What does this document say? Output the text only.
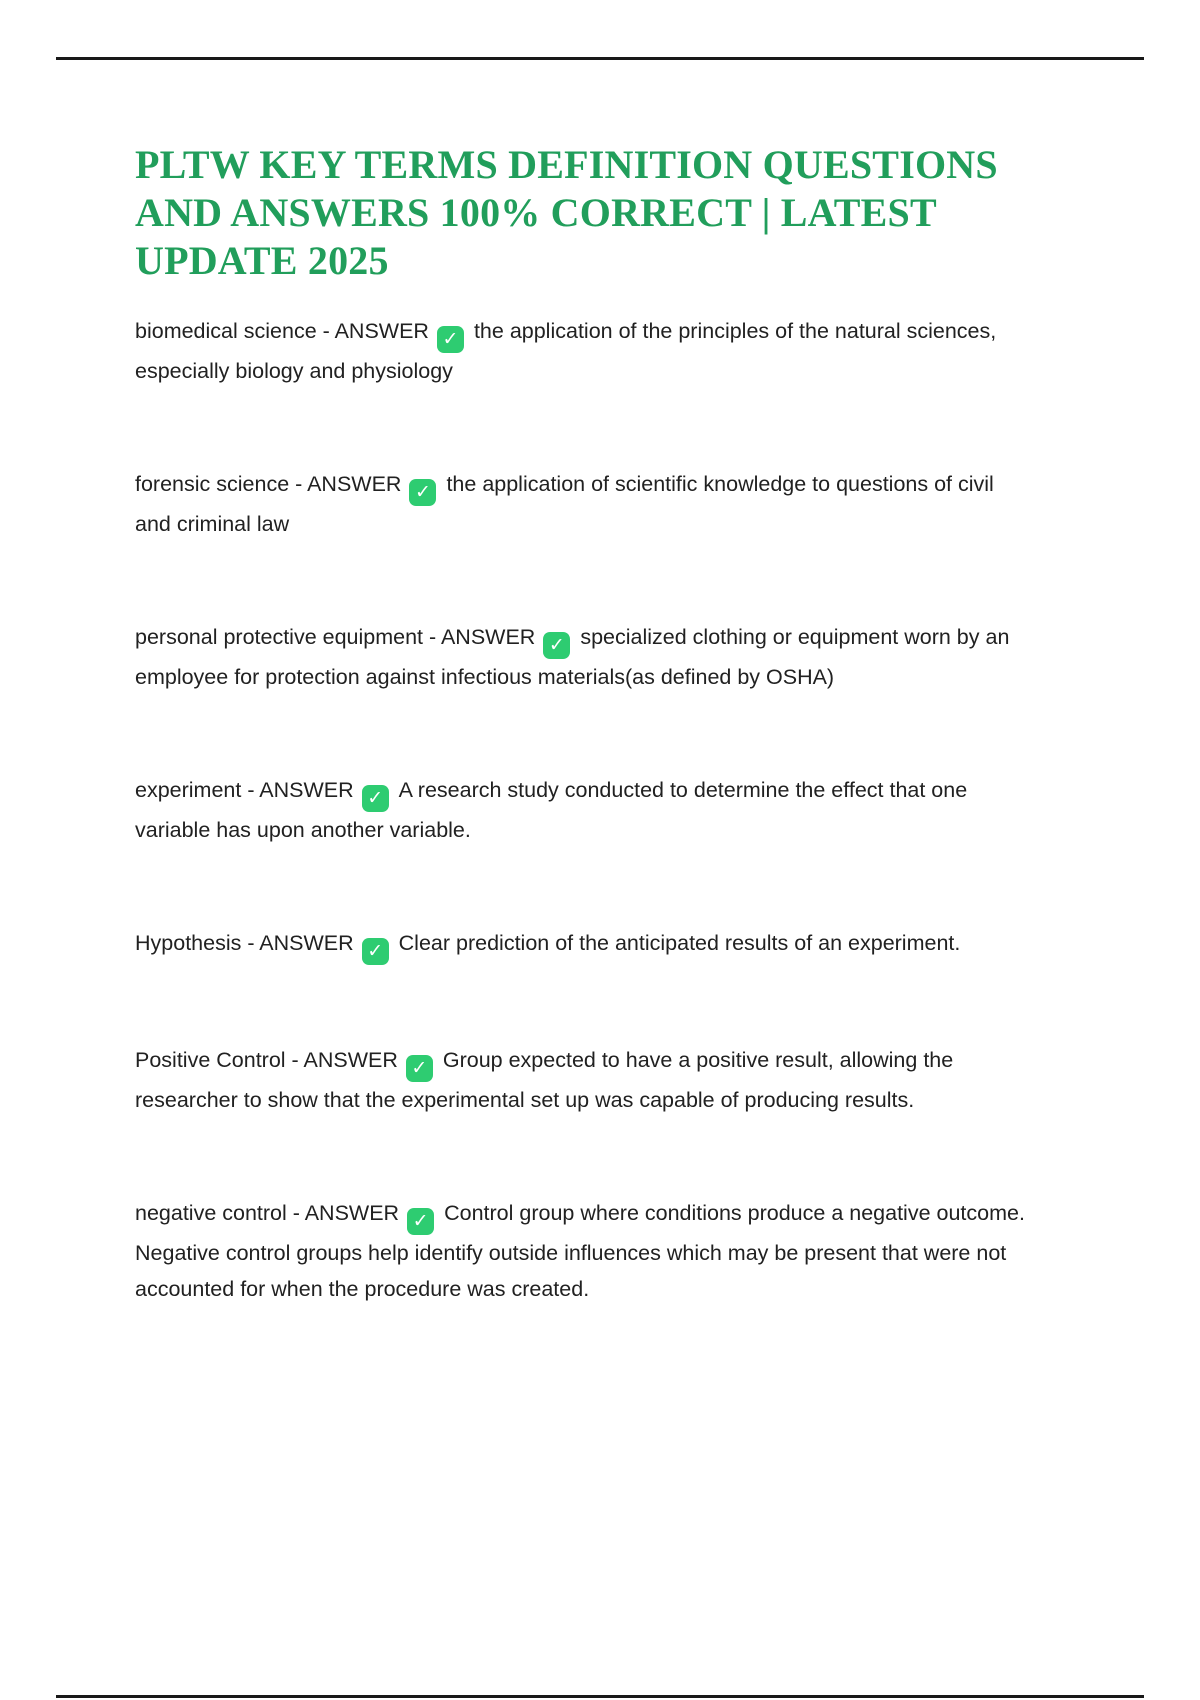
PLTW KEY TERMS DEFINITION QUESTIONS
AND ANSWERS 100% CORRECT | LATEST
UPDATE 2025

biomedical science - ANSWER ✓ the application of the principles of the natural sciences, especially biology and physiology

forensic science - ANSWER ✓ the application of scientific knowledge to questions of civil and criminal law

personal protective equipment - ANSWER ✓ specialized clothing or equipment worn by an employee for protection against infectious materials(as defined by OSHA)

experiment - ANSWER ✓ A research study conducted to determine the effect that one variable has upon another variable.

Hypothesis - ANSWER ✓ Clear prediction of the anticipated results of an experiment.

Positive Control - ANSWER ✓ Group expected to have a positive result, allowing the researcher to show that the experimental set up was capable of producing results.

negative control - ANSWER ✓ Control group where conditions produce a negative outcome. Negative control groups help identify outside influences which may be present that were not accounted for when the procedure was created.
